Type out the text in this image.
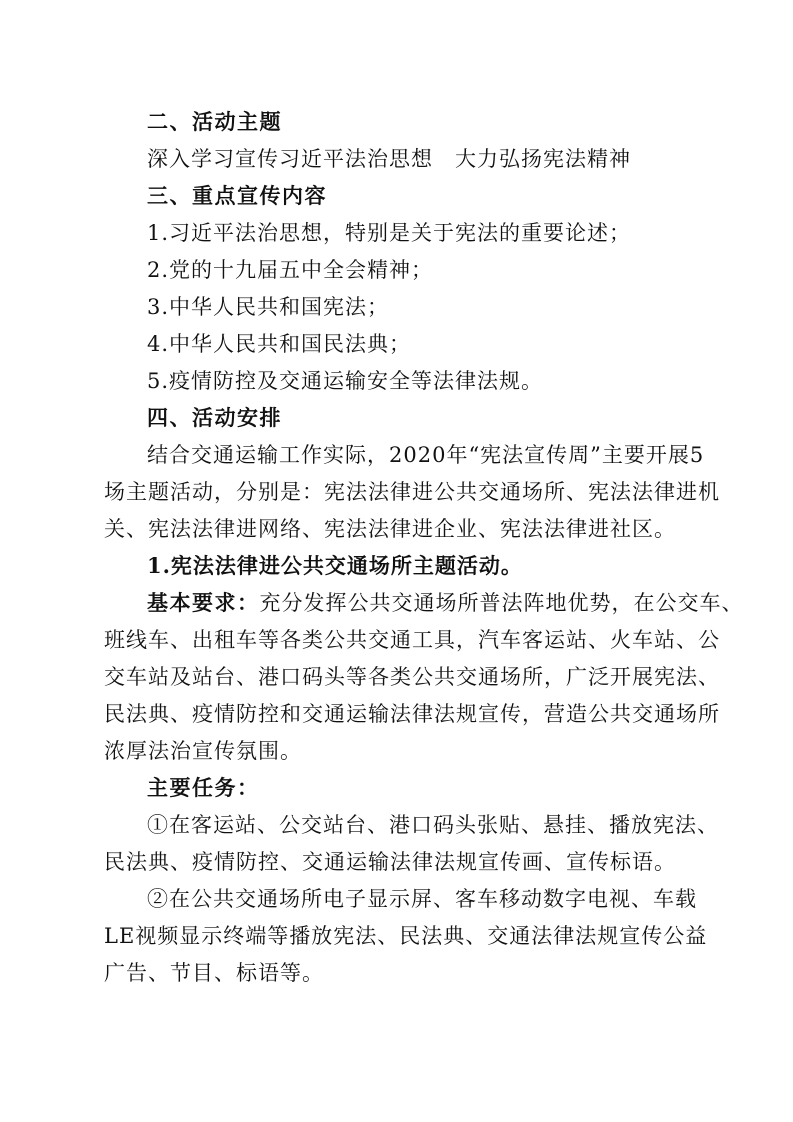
二、活动主题
深入学习宣传习近平法治思想　大力弘扬宪法精神
三、重点宣传内容
1.习近平法治思想，特别是关于宪法的重要论述；
2.党的十九届五中全会精神；
3.中华人民共和国宪法；
4.中华人民共和国民法典；
5.疫情防控及交通运输安全等法律法规。
四、活动安排
结合交通运输工作实际，2020年“宪法宣传周”主要开展5
场主题活动，分别是：宪法法律进公共交通场所、宪法法律进机
关、宪法法律进网络、宪法法律进企业、宪法法律进社区。
1.宪法法律进公共交通场所主题活动。
基本要求：充分发挥公共交通场所普法阵地优势，在公交车、
班线车、出租车等各类公共交通工具，汽车客运站、火车站、公
交车站及站台、港口码头等各类公共交通场所，广泛开展宪法、
民法典、疫情防控和交通运输法律法规宣传，营造公共交通场所
浓厚法治宣传氛围。
主要任务：
①在客运站、公交站台、港口码头张贴、悬挂、播放宪法、
民法典、疫情防控、交通运输法律法规宣传画、宣传标语。
②在公共交通场所电子显示屏、客车移动数字电视、车载
LE视频显示终端等播放宪法、民法典、交通法律法规宣传公益
广告、节目、标语等。
